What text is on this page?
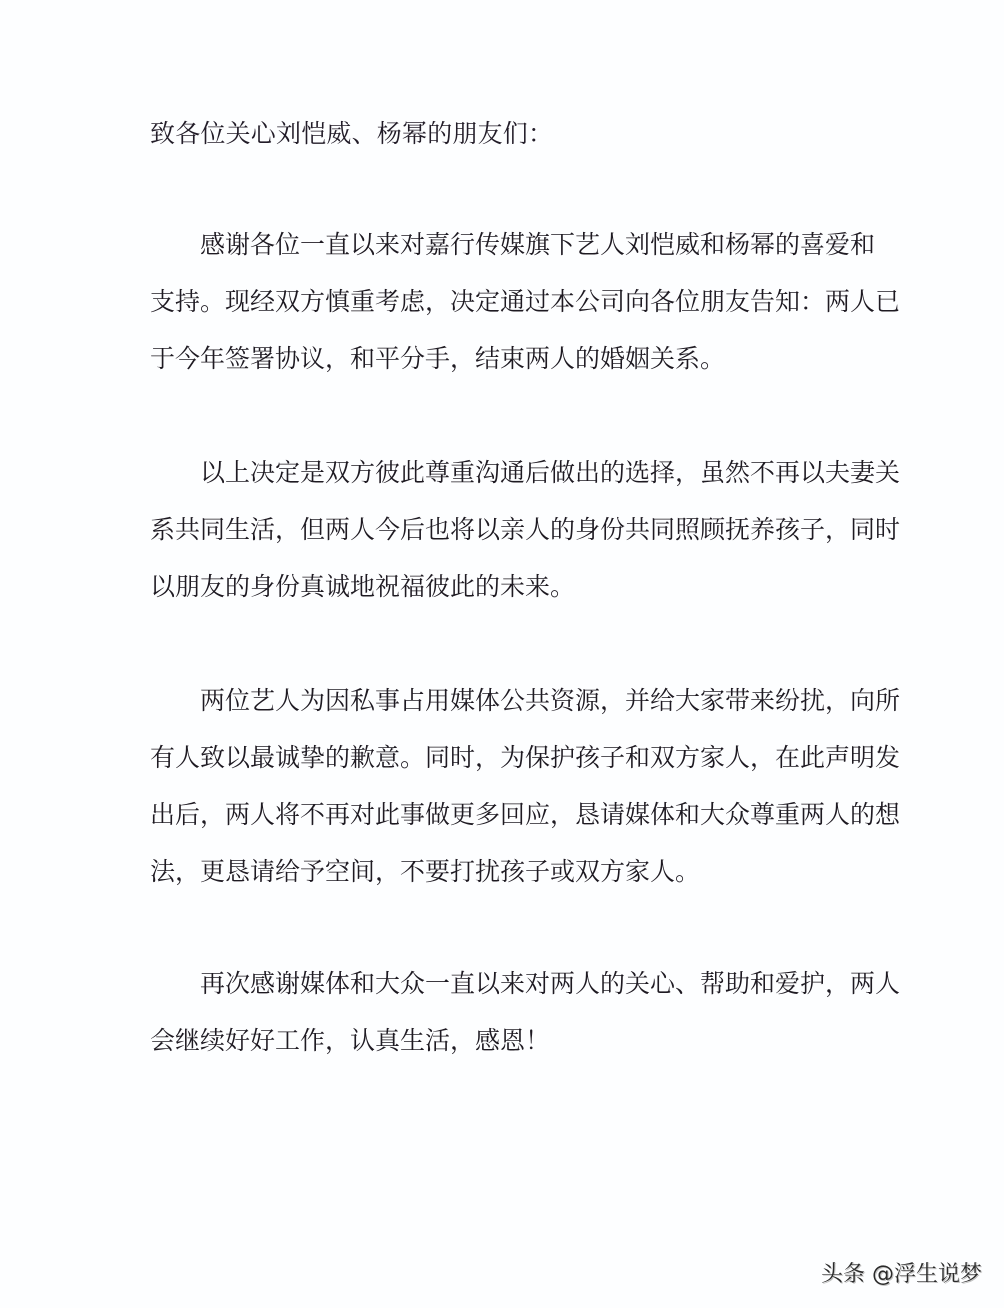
致各位关心刘恺威、杨幂的朋友们：
感谢各位一直以来对嘉行传媒旗下艺人刘恺威和杨幂的喜爱和
支持。现经双方慎重考虑，决定通过本公司向各位朋友告知：两人已
于今年签署协议，和平分手，结束两人的婚姻关系。
以上决定是双方彼此尊重沟通后做出的选择，虽然不再以夫妻关
系共同生活，但两人今后也将以亲人的身份共同照顾抚养孩子，同时
以朋友的身份真诚地祝福彼此的未来。
两位艺人为因私事占用媒体公共资源，并给大家带来纷扰，向所
有人致以最诚挚的歉意。同时，为保护孩子和双方家人，在此声明发
出后，两人将不再对此事做更多回应，恳请媒体和大众尊重两人的想
法，更恳请给予空间，不要打扰孩子或双方家人。
再次感谢媒体和大众一直以来对两人的关心、帮助和爱护，两人
会继续好好工作，认真生活，感恩！
头条 @浮生说梦
